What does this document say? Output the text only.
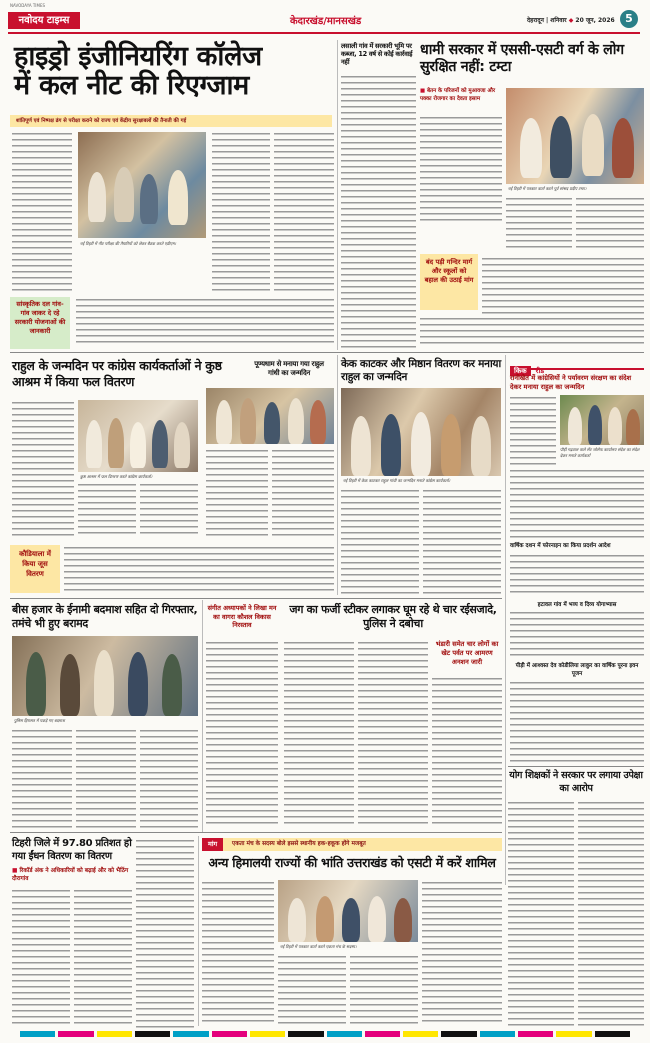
NAVODAYA TIMES
नवोदय टाइम्स	केदारखंड/मानसखंड	देहरादून | शनिवार ◆ 20 जून, 2026 5
हाइड्रो इंजीनियरिंग कॉलेज
में कल नीट की रिएग्जाम
शांतिपूर्ण एवं निष्पक्ष ढंग से परीक्षा कराने को राज्य एवं केंद्रीय सुरक्षाबलों की तैनाती की गई
नई टिहरी में नीट परीक्षा की तैयारियों को लेकर बैठक करते एडीएम।
सांस्कृतिक दल गांव-गांव जाकर दे रहे सरकारी योजनाओं की जानकारी
लसाली गांव में सरकारी भूमि पर कब्जा, 12 वर्ष से कोई कार्रवाई नहीं
धामी सरकार में एससी-एसटी वर्ग के लोग सुरक्षित नहीं: टम्टा
■ बेतन के परिजनों को मुआवजा और पक्का रोजगार का देवता इसाम
नई टिहरी में पत्रकार वार्ता करते पूर्व सांसद प्रदीप टम्टा।
बंद पड़ी गन्दिर मार्ग और स्कूलों को बहाल की उठाई मांग
राहुल के जन्मदिन पर कांग्रेस कार्यकर्ताओं ने कुष्ठ आश्रम में किया फल वितरण
कुष्ठ आश्रम में फल वितरण करते कांग्रेस कार्यकर्ता।
कौडियाला में किया जूस वितरण
पूण्यधाम से मनाया गया राहुल गांधी का जन्मदिन
केक काटकर और मिष्ठान वितरण कर मनाया राहुल का जन्मदिन
नई टिहरी में केक काटकर राहुल गांधी का जन्मदिन मनाते कांग्रेस कार्यकर्ता।
किक रीड
रानीखेत में कांग्रेसियों ने पर्यावरण संरक्षण का संदेश देकर मनाया राहुल का जन्मदिन
पौड़ी गढ़वाल वाले सेंट जोसेफ कार्यालय संदेश का संदेश देकर मनाते कार्यकर्ता
वार्षिक दशन में फोरनाइन का किया प्रदर्शन आदेश
हटावल गांव में भव्य व दिव्य योगाभ्यास
पीड़ी में आश्वस्त देव कोडीलिया लाकुर का वार्षिक पूरना इवन पूजन
बीस हजार के ईनामी बदमाश सहित दो गिरफ्तार, तमंचे भी हुए बरामद
पुलिस हिरासत में पकड़े गए बदमाश
संगीत अध्यापकों ने लिखा मन का वागरा कौशल विकास निरस्ताव
जग का फर्जी स्टीकर लगाकर घूम रहे थे चार रईसजादे, पुलिस ने दबोचा
भंडारी समेत चार लोगों का खेट पर्वत पर आमरण अनशन जारी
टिहरी जिले में 97.80 प्रतिशत हो गया ईंधन वितरण का वितरण
■ रिकॉर्ड अंक ने अधिकारियों को बढ़ाई और को भैठिंग दौरागांव
मांग	एकता मंच के सदस्य बोले इससे स्थानीय हक-हकूक होंगे मजबूत
अन्य हिमालयी राज्यों की भांति उत्तराखंड को एसटी में करें शामिल
नई टिहरी में पत्रकार वार्ता करते एकता मंच के सदस्य।
योग शिक्षकों ने सरकार पर लगाया उपेक्षा का आरोप
